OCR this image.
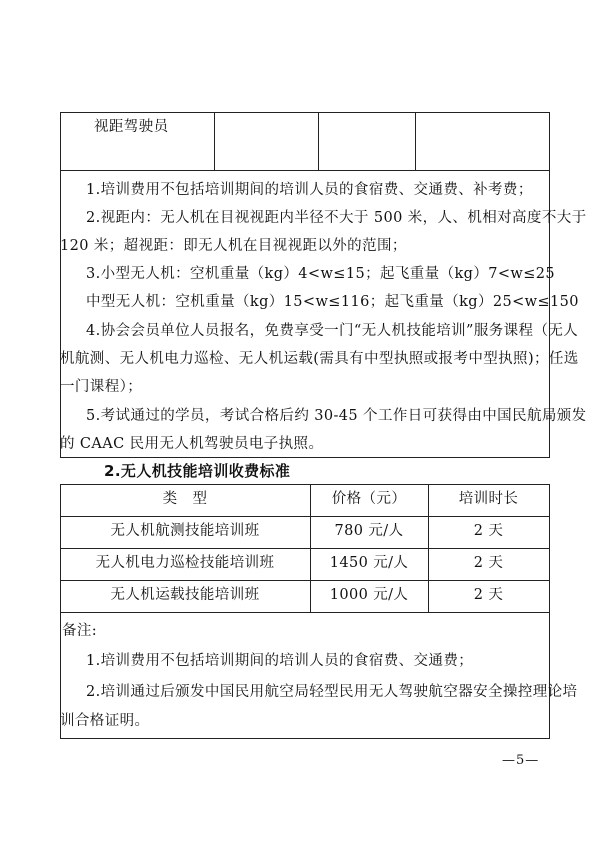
视距驾驶员
1.培训费用不包括培训期间的培训人员的食宿费、交通费、补考费；
2.视距内：无人机在目视视距内半径不大于 500 米，人、机相对高度不大于
120 米；超视距：即无人机在目视视距以外的范围；
3.小型无人机：空机重量（kg）4<w≤15；起飞重量（kg）7<w≤25
中型无人机：空机重量（kg）15<w≤116；起飞重量（kg）25<w≤150
4.协会会员单位人员报名，免费享受一门“无人机技能培训”服务课程（无人
机航测、无人机电力巡检、无人机运载(需具有中型执照或报考中型执照)；任选
一门课程）；
5.考试通过的学员，考试合格后约 30-45 个工作日可获得由中国民航局颁发
的 CAAC 民用无人机驾驶员电子执照。
2.无人机技能培训收费标准
类　型	价格（元）	培训时长
无人机航测技能培训班	780 元/人	2 天
无人机电力巡检技能培训班	1450 元/人	2 天
无人机运载技能培训班	1000 元/人	2 天
备注:
1.培训费用不包括培训期间的培训人员的食宿费、交通费；
2.培训通过后颁发中国民用航空局轻型民用无人驾驶航空器安全操控理论培
训合格证明。
—5—
